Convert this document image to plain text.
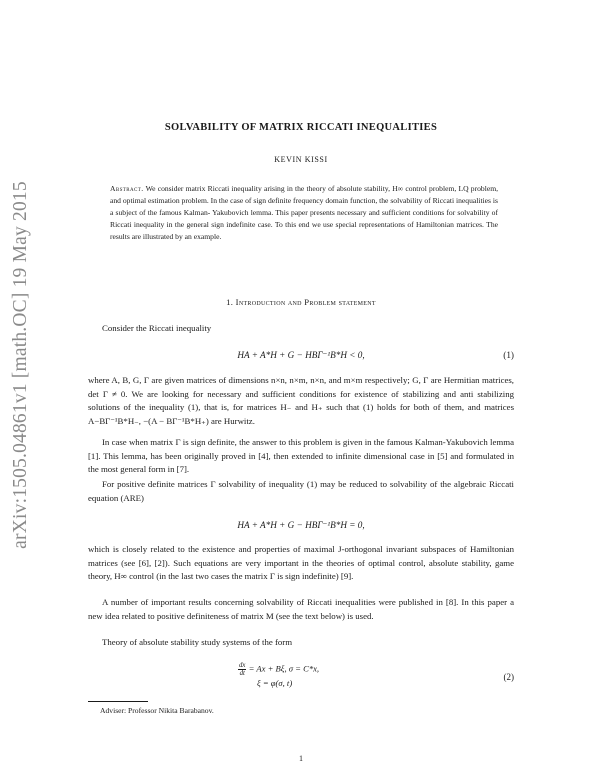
arXiv:1505.04861v1 [math.OC] 19 May 2015
SOLVABILITY OF MATRIX RICCATI INEQUALITIES
KEVIN KISSI
Abstract. We consider matrix Riccati inequality arising in the theory of absolute stability, H∞ control problem, LQ problem, and optimal estimation problem. In the case of sign definite frequency domain function, the solvability of Riccati inequalities is a subject of the famous Kalman- Yakubovich lemma. This paper presents necessary and sufficient conditions for solvability of Riccati inequality in the general sign indefinite case. To this end we use special representations of Hamiltonian matrices. The results are illustrated by an example.
1. Introduction and Problem statement
Consider the Riccati inequality
HA + A*H + G − HBΓ⁻¹B*H < 0,	(1)
where A, B, G, Γ are given matrices of dimensions n×n, n×m, n×n, and m×m respectively; G, Γ are Hermitian matrices, det Γ ≠ 0. We are looking for necessary and sufficient conditions for existence of stabilizing and anti stabilizing solutions of the inequality (1), that is, for matrices H₋ and H₊ such that (1) holds for both of them, and matrices A−BΓ⁻¹B*H₋, −(A − BΓ⁻¹B*H₊) are Hurwitz.
In case when matrix Γ is sign definite, the answer to this problem is given in the famous Kalman-Yakubovich lemma [1]. This lemma, has been originally proved in [4], then extended to infinite dimensional case in [5] and formulated in the most general form in [7].
For positive definite matrices Γ solvability of inequality (1) may be reduced to solvability of the algebraic Riccati equation (ARE)
HA + A*H + G − HBΓ⁻¹B*H = 0,
which is closely related to the existence and properties of maximal J-orthogonal invariant subspaces of Hamiltonian matrices (see [6], [2]). Such equations are very important in the theories of optimal control, absolute stability, game theory, H∞ control (in the last two cases the matrix Γ is sign indefinite) [9].
A number of important results concerning solvability of Riccati inequalities were published in [8]. In this paper a new idea related to positive definiteness of matrix M (see the text below) is used.
Theory of absolute stability study systems of the form
$\frac{dx}{dt} = Ax + B\xi$, σ = C*x,
ξ = φ(σ, t)
(2)
Adviser: Professor Nikita Barabanov.
1
